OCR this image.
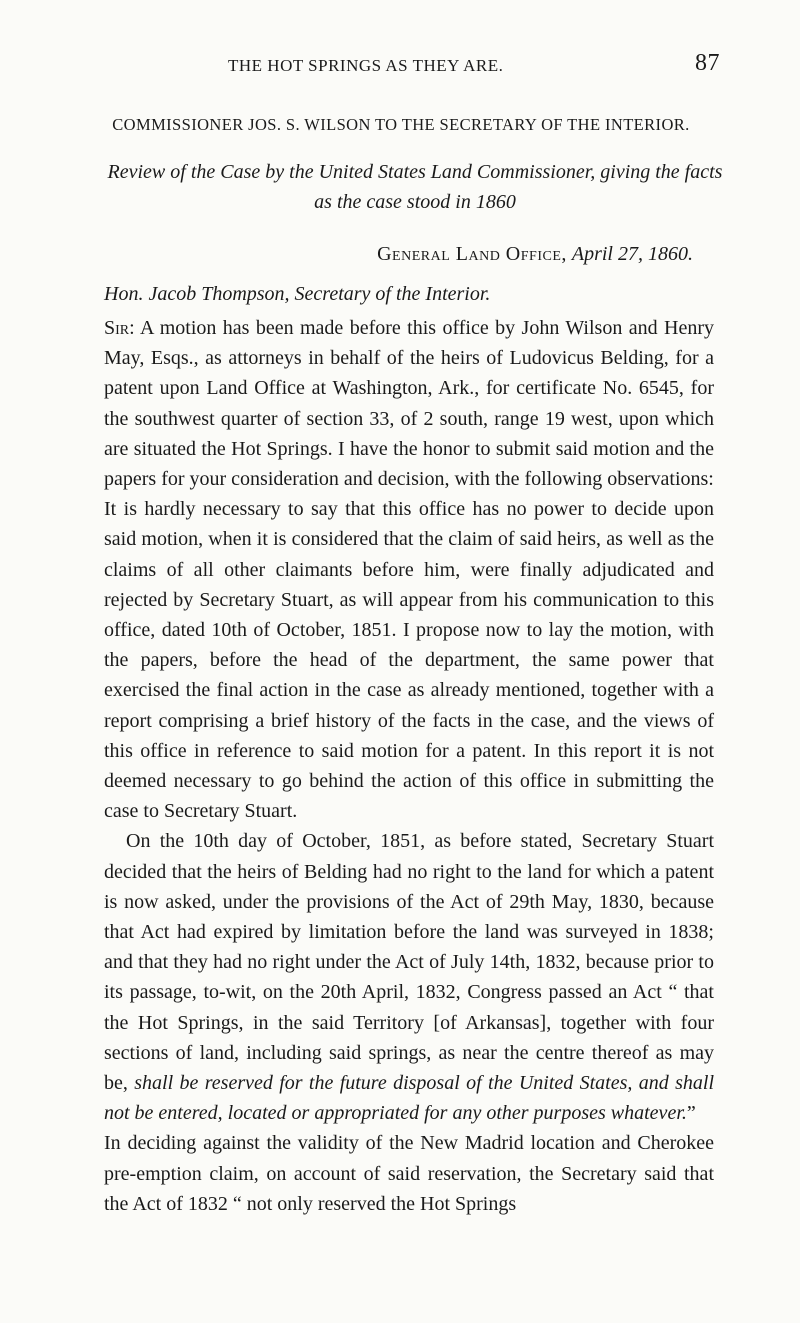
THE HOT SPRINGS AS THEY ARE.	87
COMMISSIONER JOS. S. WILSON TO THE SECRETARY OF THE INTERIOR.
Review of the Case by the United States Land Commissioner, giving the facts as the case stood in 1860
General Land Office, April 27, 1860.
Hon. Jacob Thompson, Secretary of the Interior.

Sir: A motion has been made before this office by John Wilson and Henry May, Esqs., as attorneys in behalf of the heirs of Ludovicus Belding, for a patent upon Land Office at Washington, Ark., for certificate No. 6545, for the southwest quarter of section 33, of 2 south, range 19 west, upon which are situated the Hot Springs. I have the honor to submit said motion and the papers for your consideration and decision, with the following observations:

It is hardly necessary to say that this office has no power to decide upon said motion, when it is considered that the claim of said heirs, as well as the claims of all other claimants before him, were finally adjudicated and rejected by Secretary Stuart, as will appear from his communication to this office, dated 10th of October, 1851. I propose now to lay the motion, with the papers, before the head of the department, the same power that exercised the final action in the case as already mentioned, together with a report comprising a brief history of the facts in the case, and the views of this office in reference to said motion for a patent. In this report it is not deemed necessary to go behind the action of this office in submitting the case to Secretary Stuart.

On the 10th day of October, 1851, as before stated, Secretary Stuart decided that the heirs of Belding had no right to the land for which a patent is now asked, under the provisions of the Act of 29th May, 1830, because that Act had expired by limitation before the land was surveyed in 1838; and that they had no right under the Act of July 14th, 1832, because prior to its passage, to-wit, on the 20th April, 1832, Congress passed an Act “ that the Hot Springs, in the said Territory [of Arkansas], together with four sections of land, including said springs, as near the centre thereof as may be, shall be reserved for the future disposal of the United States, and shall not be entered, located or appropriated for any other purposes whatever.”

In deciding against the validity of the New Madrid location and Cherokee pre-emption claim, on account of said reservation, the Secretary said that the Act of 1832 “ not only reserved the Hot Springs
